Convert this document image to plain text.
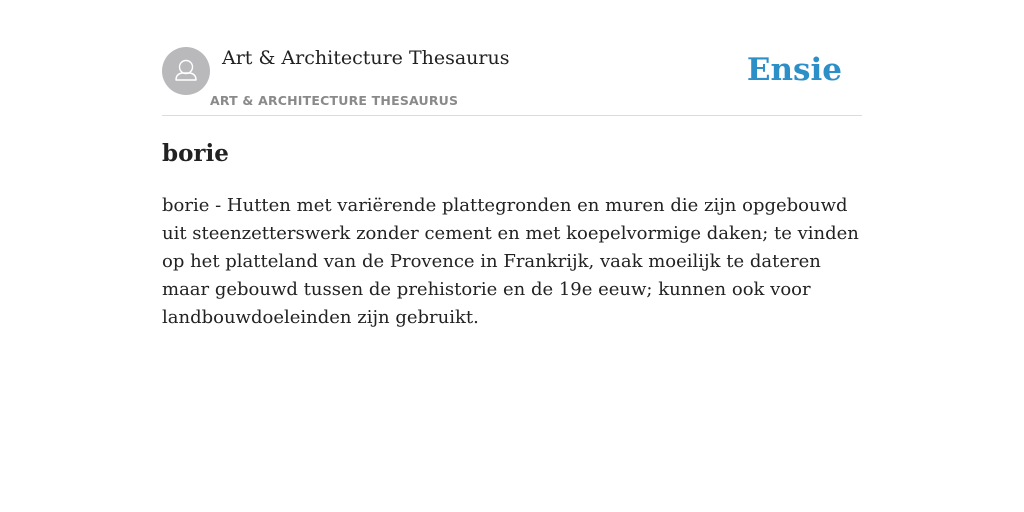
Art & Architecture Thesaurus
ART & ARCHITECTURE THESAURUS
Ensie
borie

borie - Hutten met variërende plattegronden en muren die zijn opgebouwd uit steenzetterswerk zonder cement en met koepelvormige daken; te vinden op het platteland van de Provence in Frankrijk, vaak moeilijk te dateren maar gebouwd tussen de prehistorie en de 19e eeuw; kunnen ook voor landbouwdoeleinden zijn gebruikt.
